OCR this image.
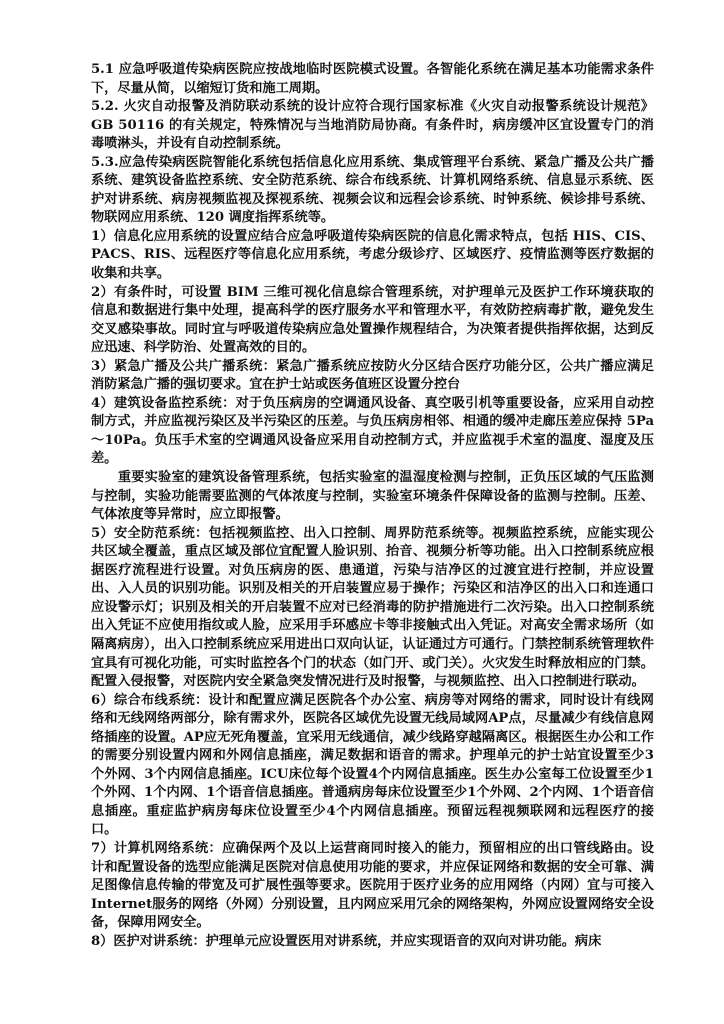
5.1 应急呼吸道传染病医院应按战地临时医院模式设置。各智能化系统在满足基本功能需求条件下，尽量从简，以缩短订货和施工周期。

5.2. 火灾自动报警及消防联动系统的设计应符合现行国家标准《火灾自动报警系统设计规范》GB 50116 的有关规定，特殊情况与当地消防局协商。有条件时，病房缓冲区宜设置专门的消毒喷淋头，并设有自动控制系统。

5.3.应急传染病医院智能化系统包括信息化应用系统、集成管理平台系统、紧急广播及公共广播系统、建筑设备监控系统、安全防范系统、综合布线系统、计算机网络系统、信息显示系统、医护对讲系统、病房视频监视及探视系统、视频会议和远程会诊系统、时钟系统、候诊排号系统、物联网应用系统、120 调度指挥系统等。

1）信息化应用系统的设置应结合应急呼吸道传染病医院的信息化需求特点，包括 HIS、CIS、PACS、RIS、远程医疗等信息化应用系统，考虑分级诊疗、区域医疗、疫情监测等医疗数据的收集和共享。

2）有条件时，可设置 BIM 三维可视化信息综合管理系统，对护理单元及医护工作环境获取的信息和数据进行集中处理，提高科学的医疗服务水平和管理水平，有效防控病毒扩散，避免发生交叉感染事故。同时宜与呼吸道传染病应急处置操作规程结合，为决策者提供指挥依据，达到反应迅速、科学防治、处置高效的目的。

3）紧急广播及公共广播系统：紧急广播系统应按防火分区结合医疗功能分区，公共广播应满足消防紧急广播的强切要求。宜在护士站或医务值班区设置分控台

4）建筑设备监控系统：对于负压病房的空调通风设备、真空吸引机等重要设备，应采用自动控制方式，并应监视污染区及半污染区的压差。与负压病房相邻、相通的缓冲走廊压差应保持 5Pa～10Pa。负压手术室的空调通风设备应采用自动控制方式，并应监视手术室的温度、湿度及压差。

　　重要实验室的建筑设备管理系统，包括实验室的温湿度检测与控制，正负压区域的气压监测与控制，实验功能需要监测的气体浓度与控制，实验室环境条件保障设备的监测与控制。压差、气体浓度等异常时，应立即报警。

5）安全防范系统：包括视频监控、出入口控制、周界防范系统等。视频监控系统，应能实现公共区域全覆盖，重点区域及部位宜配置人脸识别、抬音、视频分析等功能。出入口控制系统应根据医疗流程进行设置。对负压病房的医、患通道，污染与洁净区的过渡宜进行控制，并应设置出、入人员的识别功能。识别及相关的开启装置应易于操作；污染区和洁净区的出入口和连通口应设警示灯；识别及相关的开启装置不应对已经消毒的防护措施进行二次污染。出入口控制系统出入凭证不应使用指纹或人脸，应采用手环感应卡等非接触式出入凭证。对高安全需求场所（如隔离病房），出入口控制系统应采用进出口双向认证，认证通过方可通行。门禁控制系统管理软件宜具有可视化功能，可实时监控各个门的状态（如门开、或门关）。火灾发生时释放相应的门禁。配置入侵报警，对医院内安全紧急突发情况进行及时报警，与视频监控、出入口控制进行联动。

6）综合布线系统：设计和配置应满足医院各个办公室、病房等对网络的需求，同时设计有线网络和无线网络两部分，除有需求外，医院各区域优先设置无线局域网AP点，尽量减少有线信息网络插座的设置。AP应无死角覆盖，宜采用无线通信，减少线路穿越隔离区。根据医生办公和工作的需要分别设置内网和外网信息插座，满足数据和语音的需求。护理单元的护士站宜设置至少3个外网、3个内网信息插座。ICU床位每个设置4个内网信息插座。医生办公室每工位设置至少1个外网、1个内网、1个语音信息插座。普通病房每床位设置至少1个外网、2个内网、1个语音信息插座。重症监护病房每床位设置至少4个内网信息插座。预留远程视频联网和远程医疗的接口。

7）计算机网络系统：应确保两个及以上运营商同时接入的能力，预留相应的出口管线路由。设计和配置设备的选型应能满足医院对信息使用功能的要求，并应保证网络和数据的安全可靠、满足图像信息传输的带宽及可扩展性强等要求。医院用于医疗业务的应用网络（内网）宜与可接入Internet服务的网络（外网）分别设置，且内网应采用冗余的网络架构，外网应设置网络安全设备，保障用网安全。

8）医护对讲系统：护理单元应设置医用对讲系统，并应实现语音的双向对讲功能。病床
